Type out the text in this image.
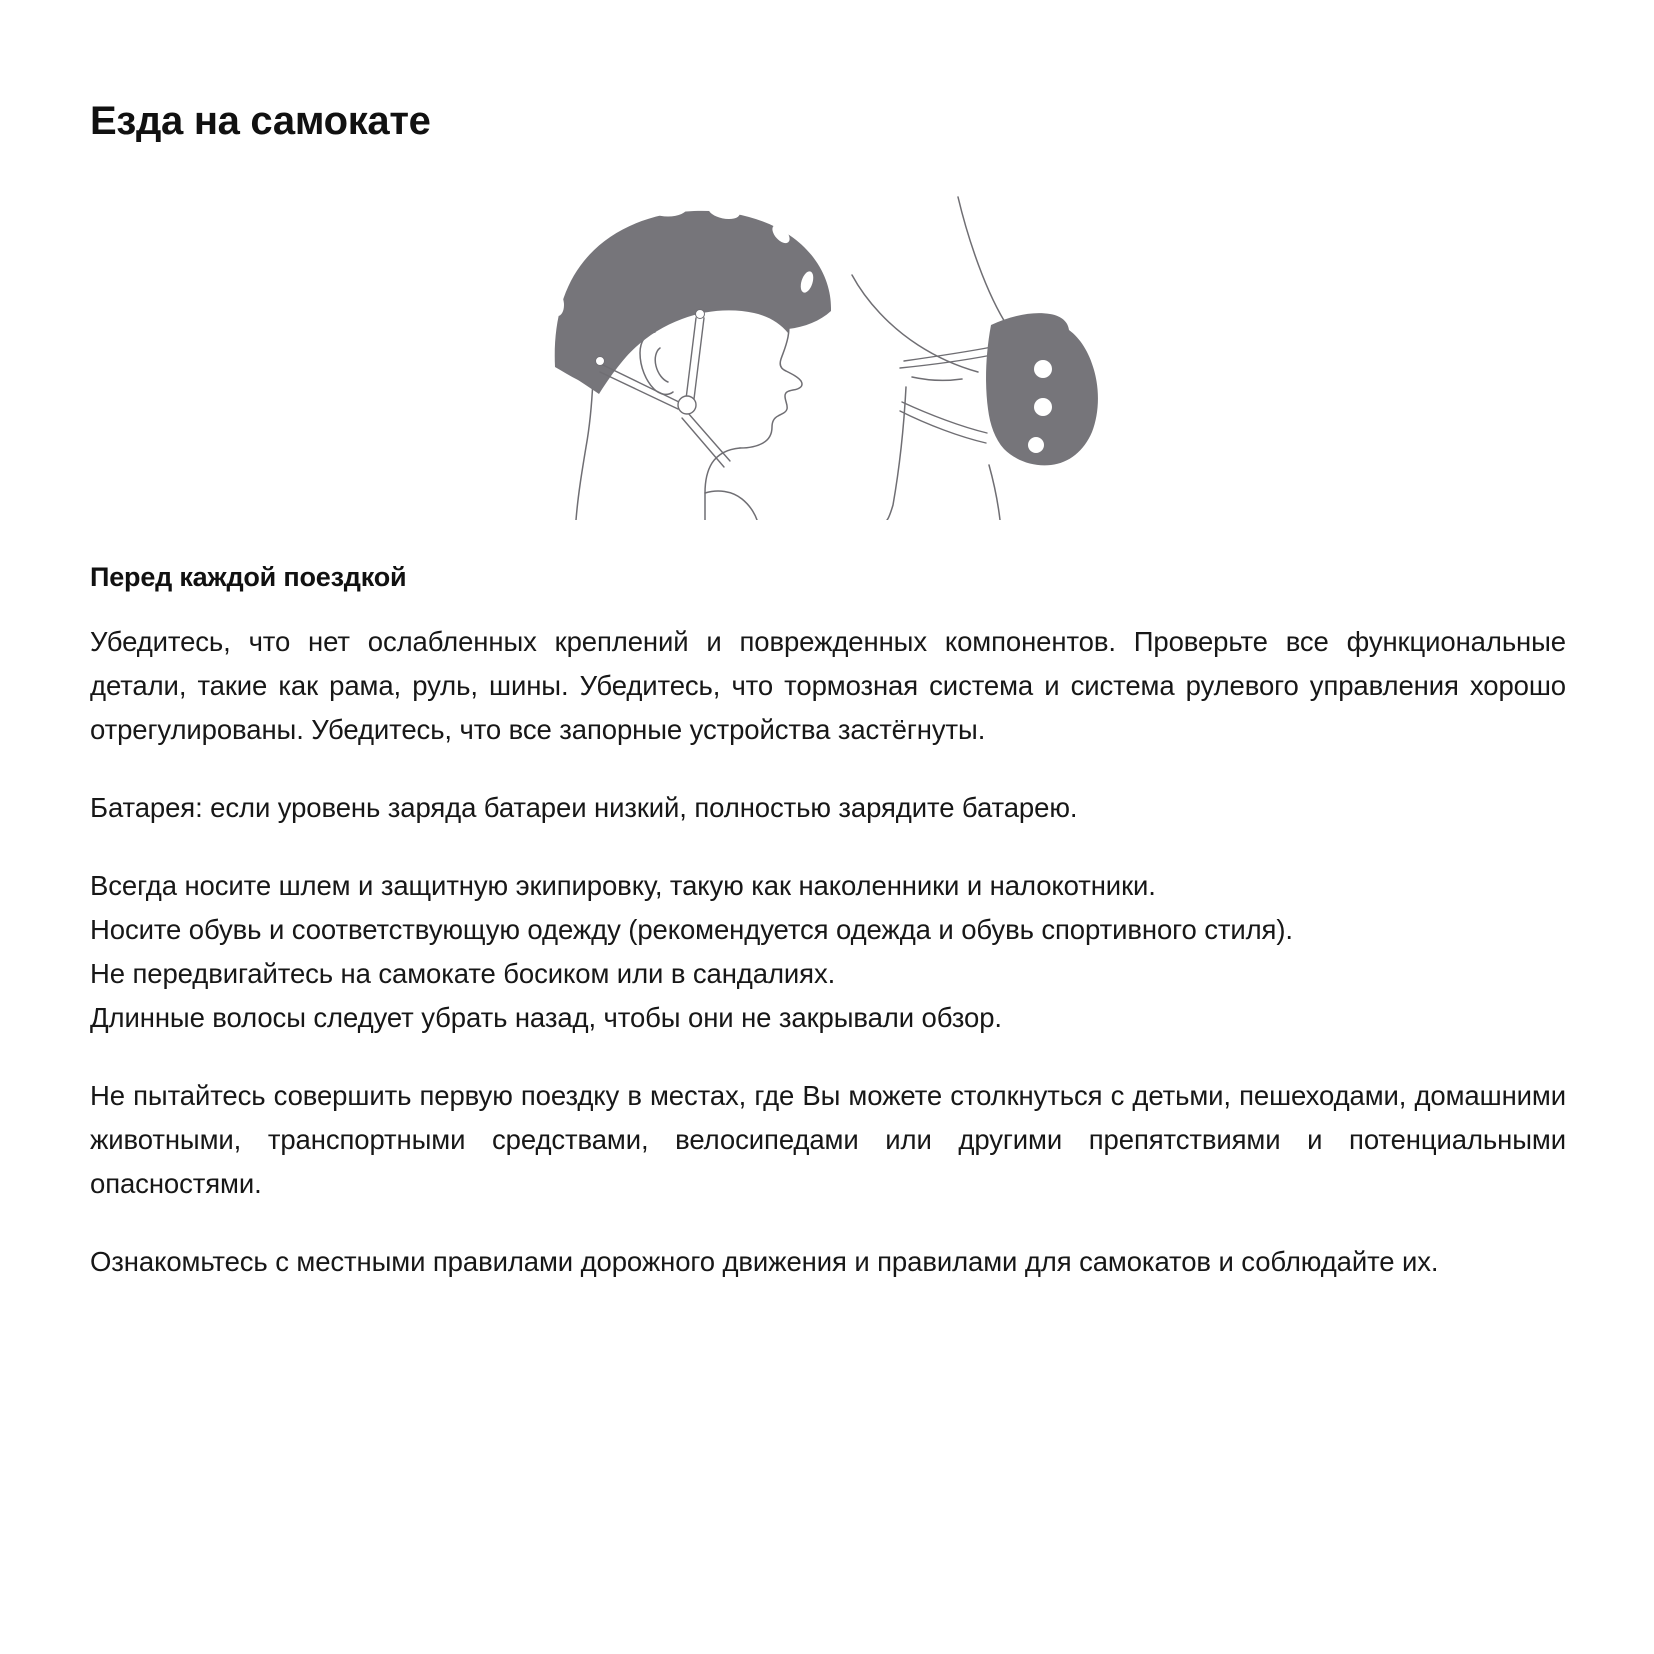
Езда на самокате
Перед каждой поездкой

Убедитесь, что нет ослабленных креплений и поврежденных компонентов. Проверьте все функциональные детали, такие как рама, руль, шины. Убедитесь, что тормозная система и система рулевого управления хорошо отрегулированы. Убедитесь, что все запорные устройства застёгнуты.

Батарея: если уровень заряда батареи низкий, полностью зарядите батарею.

Всегда носите шлем и защитную экипировку, такую как наколенники и налокотники.
Носите обувь и соответствующую одежду (рекомендуется одежда и обувь спортивного стиля).
Не передвигайтесь на самокате босиком или в сандалиях.
Длинные волосы следует убрать назад, чтобы они не закрывали обзор.

Не пытайтесь совершить первую поездку в местах, где Вы можете столкнуться с детьми, пешеходами, домашними животными, транспортными средствами, велосипедами или другими препятствиями и потенциальными опасностями.

Ознакомьтесь с местными правилами дорожного движения и правилами для самокатов и соблюдайте их.
